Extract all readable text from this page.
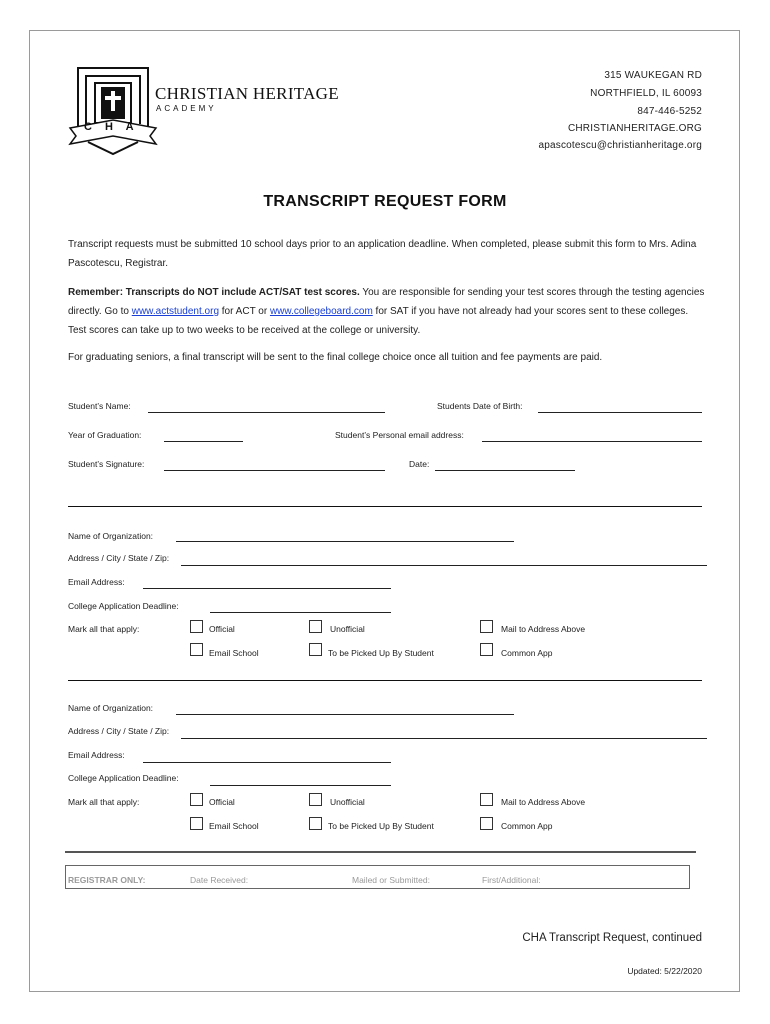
C H A
CHRISTIAN HERITAGE
ACADEMY
315 WAUKEGAN RD
NORTHFIELD, IL 60093
847-446-5252
CHRISTIANHERITAGE.ORG
apascotescu@christianheritage.org
TRANSCRIPT REQUEST FORM
Transcript requests must be submitted 10 school days prior to an application deadline. When completed, please submit this form to Mrs. Adina Pascotescu, Registrar.
Remember: Transcripts do NOT include ACT/SAT test scores. You are responsible for sending your test scores through the testing agencies directly. Go to www.actstudent.org for ACT or www.collegeboard.com for SAT if you have not already had your scores sent to these colleges. Test scores can take up to two weeks to be received at the college or university.
For graduating seniors, a final transcript will be sent to the final college choice once all tuition and fee payments are paid.
Student’s Name:	Students Date of Birth:
Year of Graduation:	Student’s Personal email address:
Student’s Signature:	Date:
Name of Organization:
Address / City / State / Zip:
Email Address:
College Application Deadline:
Mark all that apply:	Official	Unofficial	Mail to Address Above
Email School	To be Picked Up By Student	Common App
Name of Organization:
Address / City / State / Zip:
Email Address:
College Application Deadline:
Mark all that apply:	Official	Unofficial	Mail to Address Above
Email School	To be Picked Up By Student	Common App
REGISTRAR ONLY:	Date Received:	Mailed or Submitted:	First/Additional:
CHA Transcript Request, continued
Updated: 5/22/2020
